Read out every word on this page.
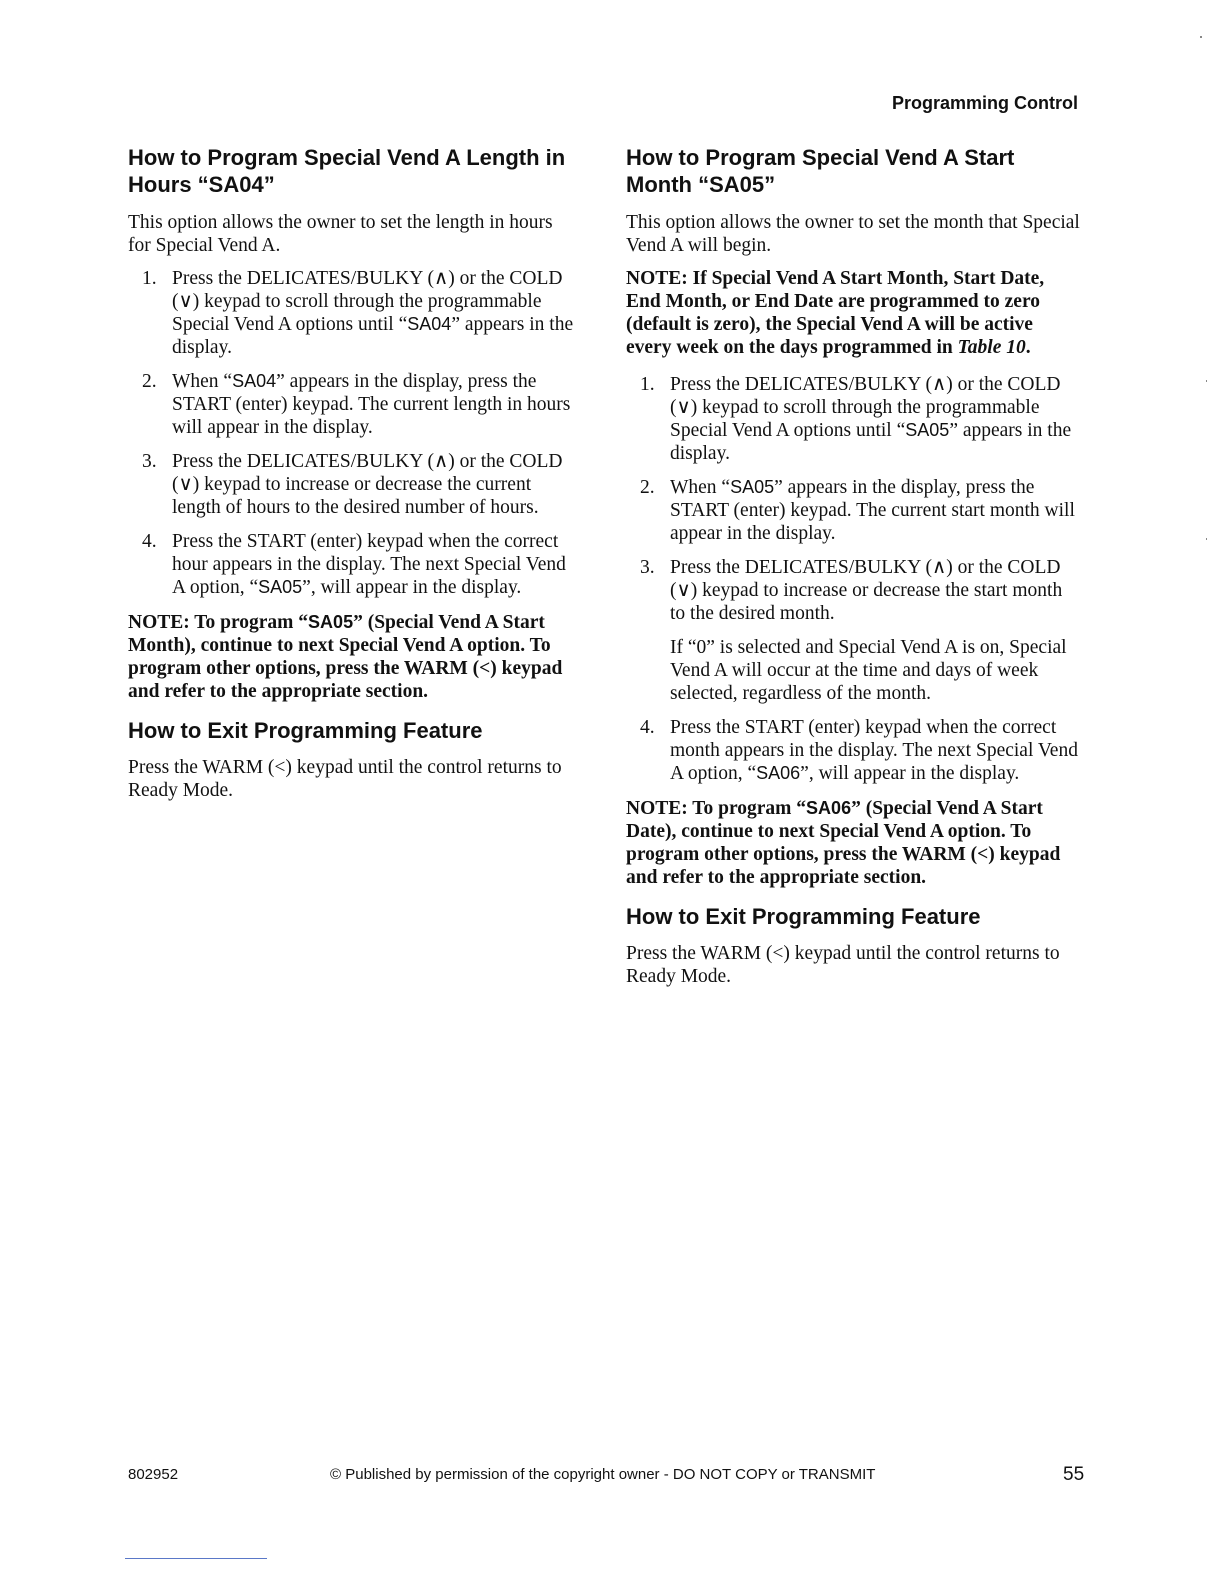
Programming Control
How to Program Special Vend A Length in Hours “SA04”

This option allows the owner to set the length in hours for Special Vend A.

1. Press the DELICATES/BULKY (∧) or the COLD (∨) keypad to scroll through the programmable Special Vend A options until “SA04” appears in the display.

2. When “SA04” appears in the display, press the START (enter) keypad. The current length in hours will appear in the display.

3. Press the DELICATES/BULKY (∧) or the COLD (∨) keypad to increase or decrease the current length of hours to the desired number of hours.

4. Press the START (enter) keypad when the correct hour appears in the display. The next Special Vend A option, “SA05”, will appear in the display.

NOTE: To program “SA05” (Special Vend A Start Month), continue to next Special Vend A option. To program other options, press the WARM (<) keypad and refer to the appropriate section.

How to Exit Programming Feature

Press the WARM (<) keypad until the control returns to Ready Mode.

How to Program Special Vend A Start Month “SA05”

This option allows the owner to set the month that Special Vend A will begin.

NOTE: If Special Vend A Start Month, Start Date, End Month, or End Date are programmed to zero (default is zero), the Special Vend A will be active every week on the days programmed in Table 10.

1. Press the DELICATES/BULKY (∧) or the COLD (∨) keypad to scroll through the programmable Special Vend A options until “SA05” appears in the display.

2. When “SA05” appears in the display, press the START (enter) keypad. The current start month will appear in the display.

3. Press the DELICATES/BULKY (∧) or the COLD (∨) keypad to increase or decrease the start month to the desired month.

If “0” is selected and Special Vend A is on, Special Vend A will occur at the time and days of week selected, regardless of the month.

4. Press the START (enter) keypad when the correct month appears in the display. The next Special Vend A option, “SA06”, will appear in the display.

NOTE: To program “SA06” (Special Vend A Start Date), continue to next Special Vend A option. To program other options, press the WARM (<) keypad and refer to the appropriate section.

How to Exit Programming Feature

Press the WARM (<) keypad until the control returns to Ready Mode.

802952	© Published by permission of the copyright owner - DO NOT COPY or TRANSMIT	55
